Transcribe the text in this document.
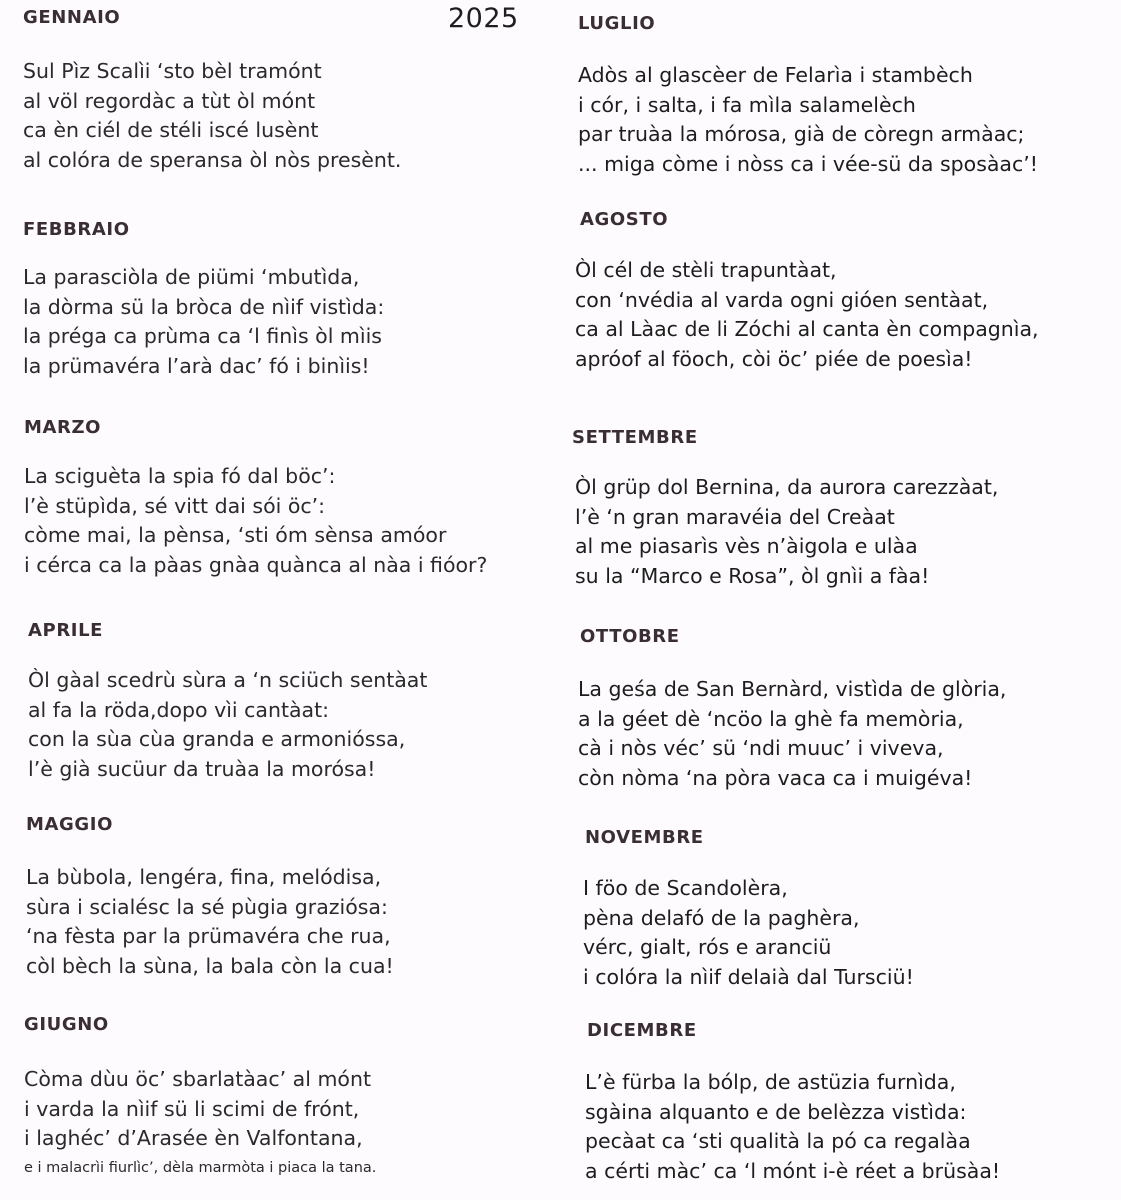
2025
GENNAIO
Sul Pìz Scalìi ‘sto bèl tramónt
al völ regordàc a tùt òl mónt
ca èn ciél de stéli iscé lusènt
al colóra de speransa òl nòs presènt.
FEBBRAIO
La parasciòla de piümi ‘mbutìda,
la dòrma sü la bròca de nìif vistìda:
la préga ca prùma ca ‘l finìs òl mìis
la prümavéra l’arà dac’ fó i binìis!
MARZO
La sciguèta la spia fó dal böc’:
l’è stüpìda, sé vitt dai sói öc’:
còme mai, la pènsa, ‘sti óm sènsa amóor
i cérca ca la pàas gnàa quànca al nàa i fióor?
APRILE
Òl gàal scedrù sùra a ‘n sciüch sentàat
al fa la röda,dopo vìi cantàat:
con la sùa cùa granda e armonióssa,
l’è già sucüur da truàa la morósa!
MAGGIO
La bùbola, lengéra, fina, melódisa,
sùra i scialésc la sé pùgia graziósa:
‘na fèsta par la prümavéra che rua,
còl bèch la sùna, la bala còn la cua!
GIUGNO
Còma dùu öc’ sbarlatàac’ al mónt
i varda la nìif sü li scimi de frónt,
i laghéc’ d’Arasée èn Valfontana,
e i malacrìi fiurlìc’, dèla marmòta i piaca la tana.
LUGLIO
Adòs al glascèer de Felarìa i stambèch
i cór, i salta, i fa mìla salamelèch
par truàa la mórosa, già de còregn armàac;
... miga còme i nòss ca i vée-sü da sposàac’!
AGOSTO
Òl cél de stèli trapuntàat,
con ‘nvédia al varda ogni gióen sentàat,
ca al Làac de li Zóchi al canta èn compagnìa,
apróof al föoch, còi öc’ piée de poesìa!
SETTEMBRE
Òl grüp dol Bernina, da aurora carezzàat,
l’è ‘n gran maravéia del Creàat
al me piasarìs vès n’àigola e ulàa
su la “Marco e Rosa”, òl gnìi a fàa!
OTTOBRE
La geśa de San Bernàrd, vistìda de glòria,
a la géet dè ‘ncöo la ghè fa memòria,
cà i nòs véc’ sü ‘ndi muuc’ i viveva,
còn nòma ‘na pòra vaca ca i muigéva!
NOVEMBRE
I föo de Scandolèra,
pèna delafó de la paghèra,
vérc, gialt, rós e aranciü
i colóra la nìif delaià dal Tursciü!
DICEMBRE
L’è fürba la bólp, de astüzia furnìda,
sgàina alquanto e de belèzza vistìda:
pecàat ca ‘sti qualità la pó ca regalàa
a cérti màc’ ca ‘l mónt i-è réet a brüsàa!
